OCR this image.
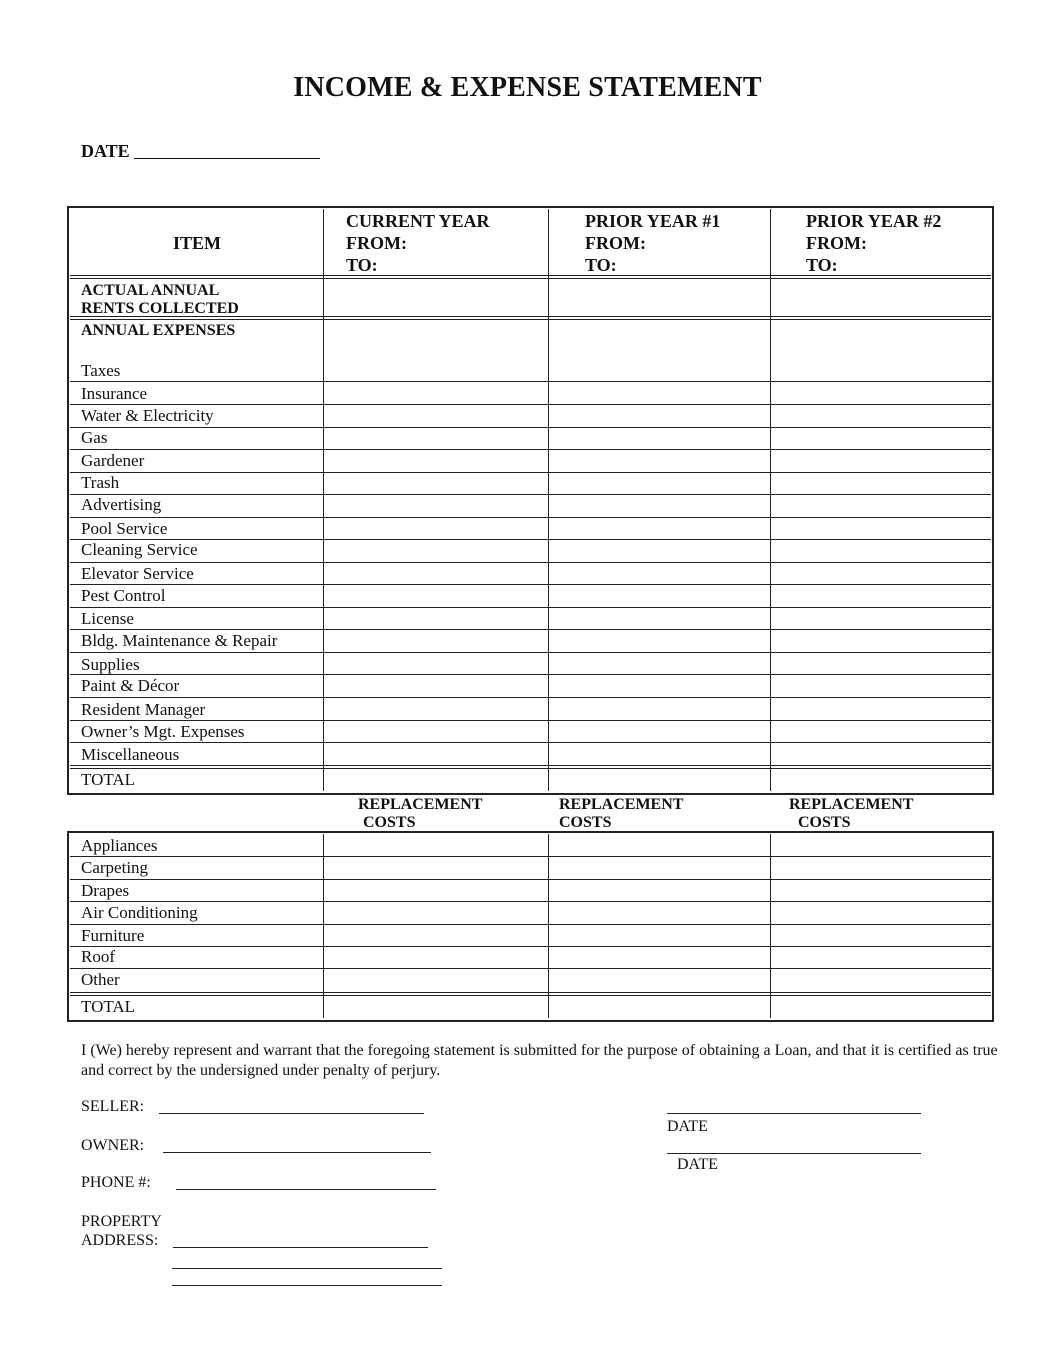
INCOME & EXPENSE STATEMENT
DATE
ITEM
CURRENT YEAR
FROM:
TO:
PRIOR YEAR #1
FROM:
TO:
PRIOR YEAR #2
FROM:
TO:
ACTUAL ANNUAL
RENTS COLLECTED
ANNUAL EXPENSES
Taxes
Insurance
Water & Electricity
Gas
Gardener
Trash
Advertising
Pool Service
Cleaning Service
Elevator Service
Pest Control
License
Bldg. Maintenance & Repair
Supplies
Paint & Décor
Resident Manager
Owner’s Mgt. Expenses
Miscellaneous
TOTAL
REPLACEMENT
COSTS
REPLACEMENT
COSTS
REPLACEMENT
COSTS
Appliances
Carpeting
Drapes
Air Conditioning
Furniture
Roof
Other
TOTAL
I (We) hereby represent and warrant that the foregoing statement is submitted for the purpose of obtaining a Loan, and that it is certified as true and correct by the undersigned under penalty of perjury.
SELLER:
OWNER:
PHONE #:
PROPERTY
ADDRESS:
DATE
DATE
